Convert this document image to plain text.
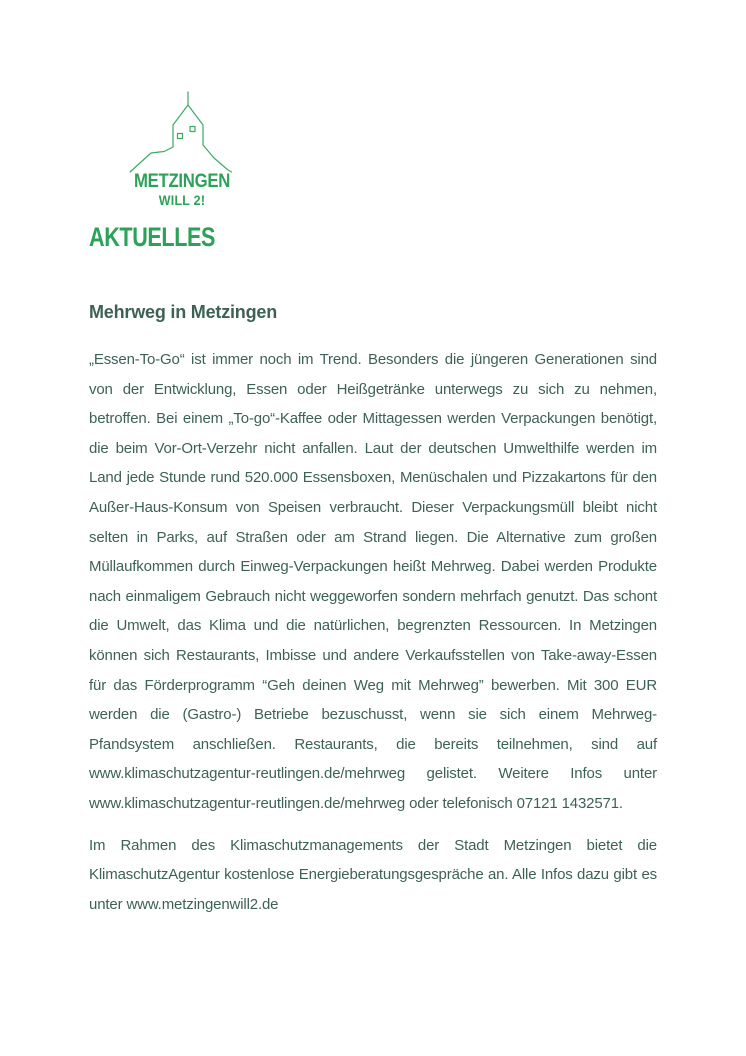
METZINGEN
WILL 2!
AKTUELLES
Mehrweg in Metzingen

„Essen-To-Go“ ist immer noch im Trend. Besonders die jüngeren Generationen sind von der Entwicklung, Essen oder Heißgetränke unterwegs zu sich zu nehmen, betroffen. Bei einem „To-go“-Kaffee oder Mittagessen werden Verpackungen benötigt, die beim Vor-Ort-Verzehr nicht anfallen. Laut der deutschen Umwelthilfe werden im Land jede Stunde rund 520.000 Essensboxen, Menüschalen und Pizzakartons für den Außer-Haus-Konsum von Speisen verbraucht. Dieser Verpackungsmüll bleibt nicht selten in Parks, auf Straßen oder am Strand liegen. Die Alternative zum großen Müllaufkommen durch Einweg-Verpackungen heißt Mehrweg. Dabei werden Produkte nach einmaligem Gebrauch nicht weggeworfen sondern mehrfach genutzt. Das schont die Umwelt, das Klima und die natürlichen, begrenzten Ressourcen. In Metzingen können sich Restaurants, Imbisse und andere Verkaufsstellen von Take-away-Essen für das Förderprogramm “Geh deinen Weg mit Mehrweg” bewerben. Mit 300 EUR werden die (Gastro-) Betriebe bezuschusst, wenn sie sich einem Mehrweg-Pfandsystem anschließen. Restaurants, die bereits teilnehmen, sind auf www.klimaschutzagentur-reutlingen.de/mehrweg gelistet. Weitere Infos unter www.klimaschutzagentur-reutlingen.de/mehrweg oder telefonisch 07121 1432571.

Im Rahmen des Klimaschutzmanagements der Stadt Metzingen bietet die KlimaschutzAgentur kostenlose Energieberatungsgespräche an. Alle Infos dazu gibt es unter www.metzingenwill2.de
